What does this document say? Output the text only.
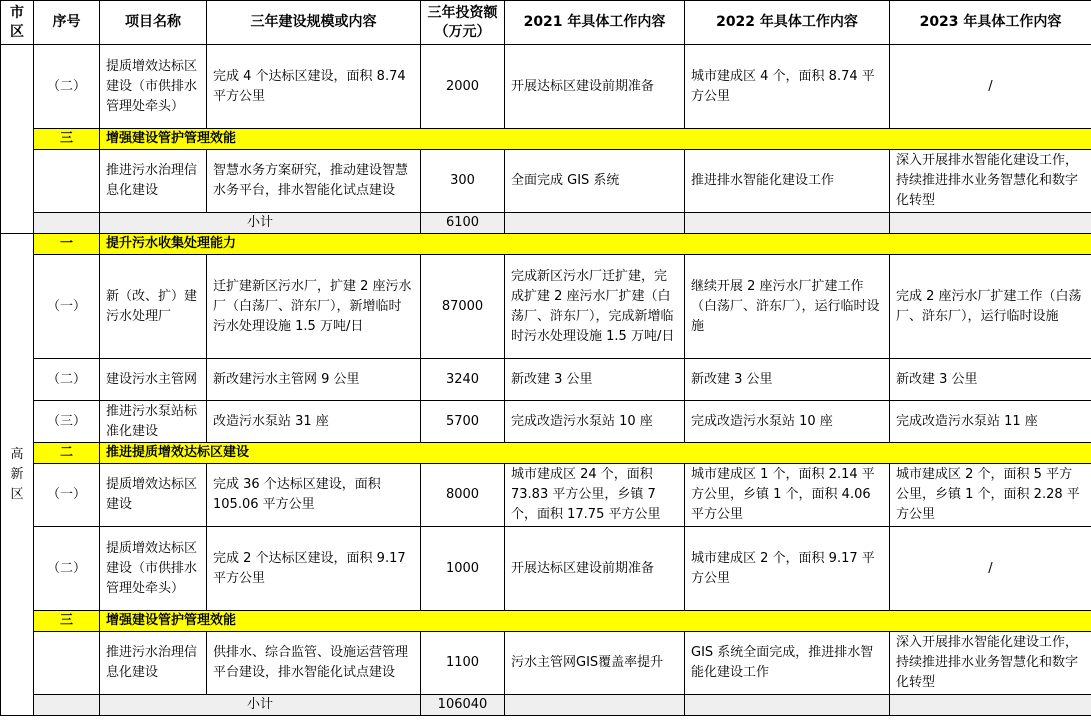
市区	序号	项目名称	三年建设规模或内容	三年投资额（万元）	2021 年具体工作内容	2022 年具体工作内容	2023 年具体工作内容
	（二）	提质增效达标区建设（市供排水管理处牵头）	完成 4 个达标区建设，面积 8.74 平方公里	2000	开展达标区建设前期准备	城市建成区 4 个，面积 8.74 平方公里	/
	三	增强建设管护管理效能					
		推进污水治理信息化建设	智慧水务方案研究，推动建设智慧水务平台，排水智能化试点建设	300	全面完成 GIS 系统	推进排水智能化建设工作	深入开展排水智能化建设工作，持续推进排水业务智慧化和数字化转型
		小计		6100			
高新区	一	提升污水收集处理能力					
	（一）	新（改、扩）建污水处理厂	迁扩建新区污水厂，扩建 2 座污水厂（白荡厂、浒东厂），新增临时污水处理设施 1.5 万吨/日	87000	完成新区污水厂迁扩建，完成扩建 2 座污水厂扩建（白荡厂、浒东厂），完成新增临时污水处理设施 1.5 万吨/日	继续开展 2 座污水厂扩建工作（白荡厂、浒东厂），运行临时设施	完成 2 座污水厂扩建工作（白荡厂、浒东厂），运行临时设施
	（二）	建设污水主管网	新改建污水主管网 9 公里	3240	新改建 3 公里	新改建 3 公里	新改建 3 公里
	（三）	推进污水泵站标准化建设	改造污水泵站 31 座	5700	完成改造污水泵站 10 座	完成改造污水泵站 10 座	完成改造污水泵站 11 座
	二	推进提质增效达标区建设					
	（一）	提质增效达标区建设	完成 36 个达标区建设，面积 105.06 平方公里	8000	城市建成区 24 个，面积 73.83 平方公里，乡镇 7 个，面积 17.75 平方公里	城市建成区 1 个，面积 2.14 平方公里，乡镇 1 个，面积 4.06 平方公里	城市建成区 2 个，面积 5 平方公里，乡镇 1 个，面积 2.28 平方公里
	（二）	提质增效达标区建设（市供排水管理处牵头）	完成 2 个达标区建设，面积 9.17 平方公里	1000	开展达标区建设前期准备	城市建成区 2 个，面积 9.17 平方公里	/
	三	增强建设管护管理效能					
		推进污水治理信息化建设	供排水、综合监管、设施运营管理平台建设，排水智能化试点建设	1100	污水主管网GIS覆盖率提升	GIS 系统全面完成，推进排水智能化建设工作	深入开展排水智能化建设工作，持续推进排水业务智慧化和数字化转型
		小计		106040			
